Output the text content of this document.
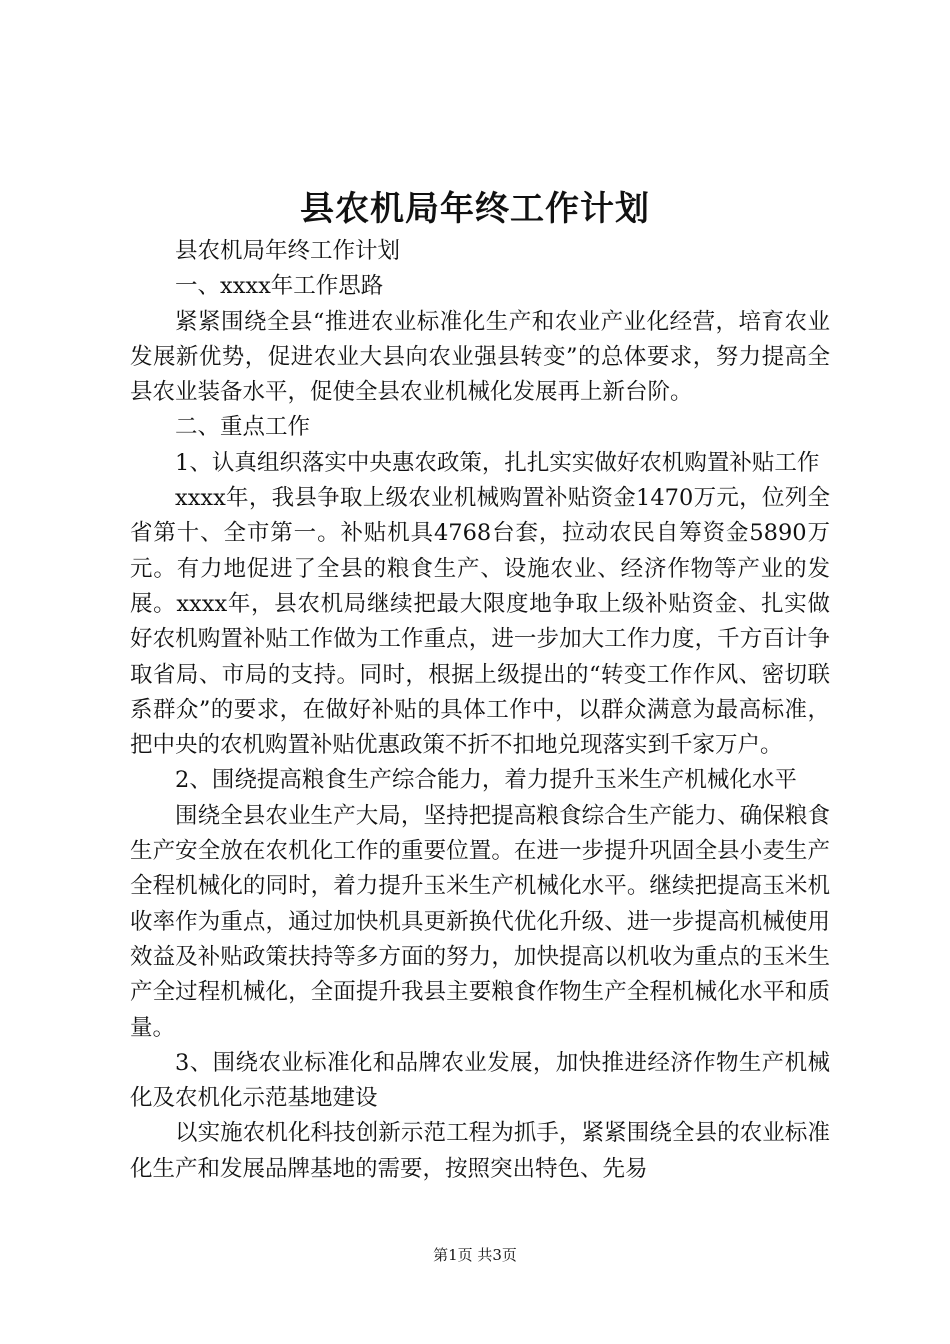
县农机局年终工作计划

县农机局年终工作计划

一、xxxx年工作思路

紧紧围绕全县“推进农业标准化生产和农业产业化经营，培育农业发展新优势，促进农业大县向农业强县转变”的总体要求，努力提高全县农业装备水平，促使全县农业机械化发展再上新台阶。

二、重点工作

1、认真组织落实中央惠农政策，扎扎实实做好农机购置补贴工作

xxxx年，我县争取上级农业机械购置补贴资金1470万元，位列全省第十、全市第一。补贴机具4768台套，拉动农民自筹资金5890万元。有力地促进了全县的粮食生产、设施农业、经济作物等产业的发展。xxxx年，县农机局继续把最大限度地争取上级补贴资金、扎实做好农机购置补贴工作做为工作重点，进一步加大工作力度，千方百计争取省局、市局的支持。同时，根据上级提出的“转变工作作风、密切联系群众”的要求，在做好补贴的具体工作中，以群众满意为最高标准，把中央的农机购置补贴优惠政策不折不扣地兑现落实到千家万户。

2、围绕提高粮食生产综合能力，着力提升玉米生产机械化水平

围绕全县农业生产大局，坚持把提高粮食综合生产能力、确保粮食生产安全放在农机化工作的重要位置。在进一步提升巩固全县小麦生产全程机械化的同时，着力提升玉米生产机械化水平。继续把提高玉米机收率作为重点，通过加快机具更新换代优化升级、进一步提高机械使用效益及补贴政策扶持等多方面的努力，加快提高以机收为重点的玉米生产全过程机械化，全面提升我县主要粮食作物生产全程机械化水平和质量。

3、围绕农业标准化和品牌农业发展，加快推进经济作物生产机械化及农机化示范基地建设

以实施农机化科技创新示范工程为抓手，紧紧围绕全县的农业标准化生产和发展品牌基地的需要，按照突出特色、先易

第1页 共3页
